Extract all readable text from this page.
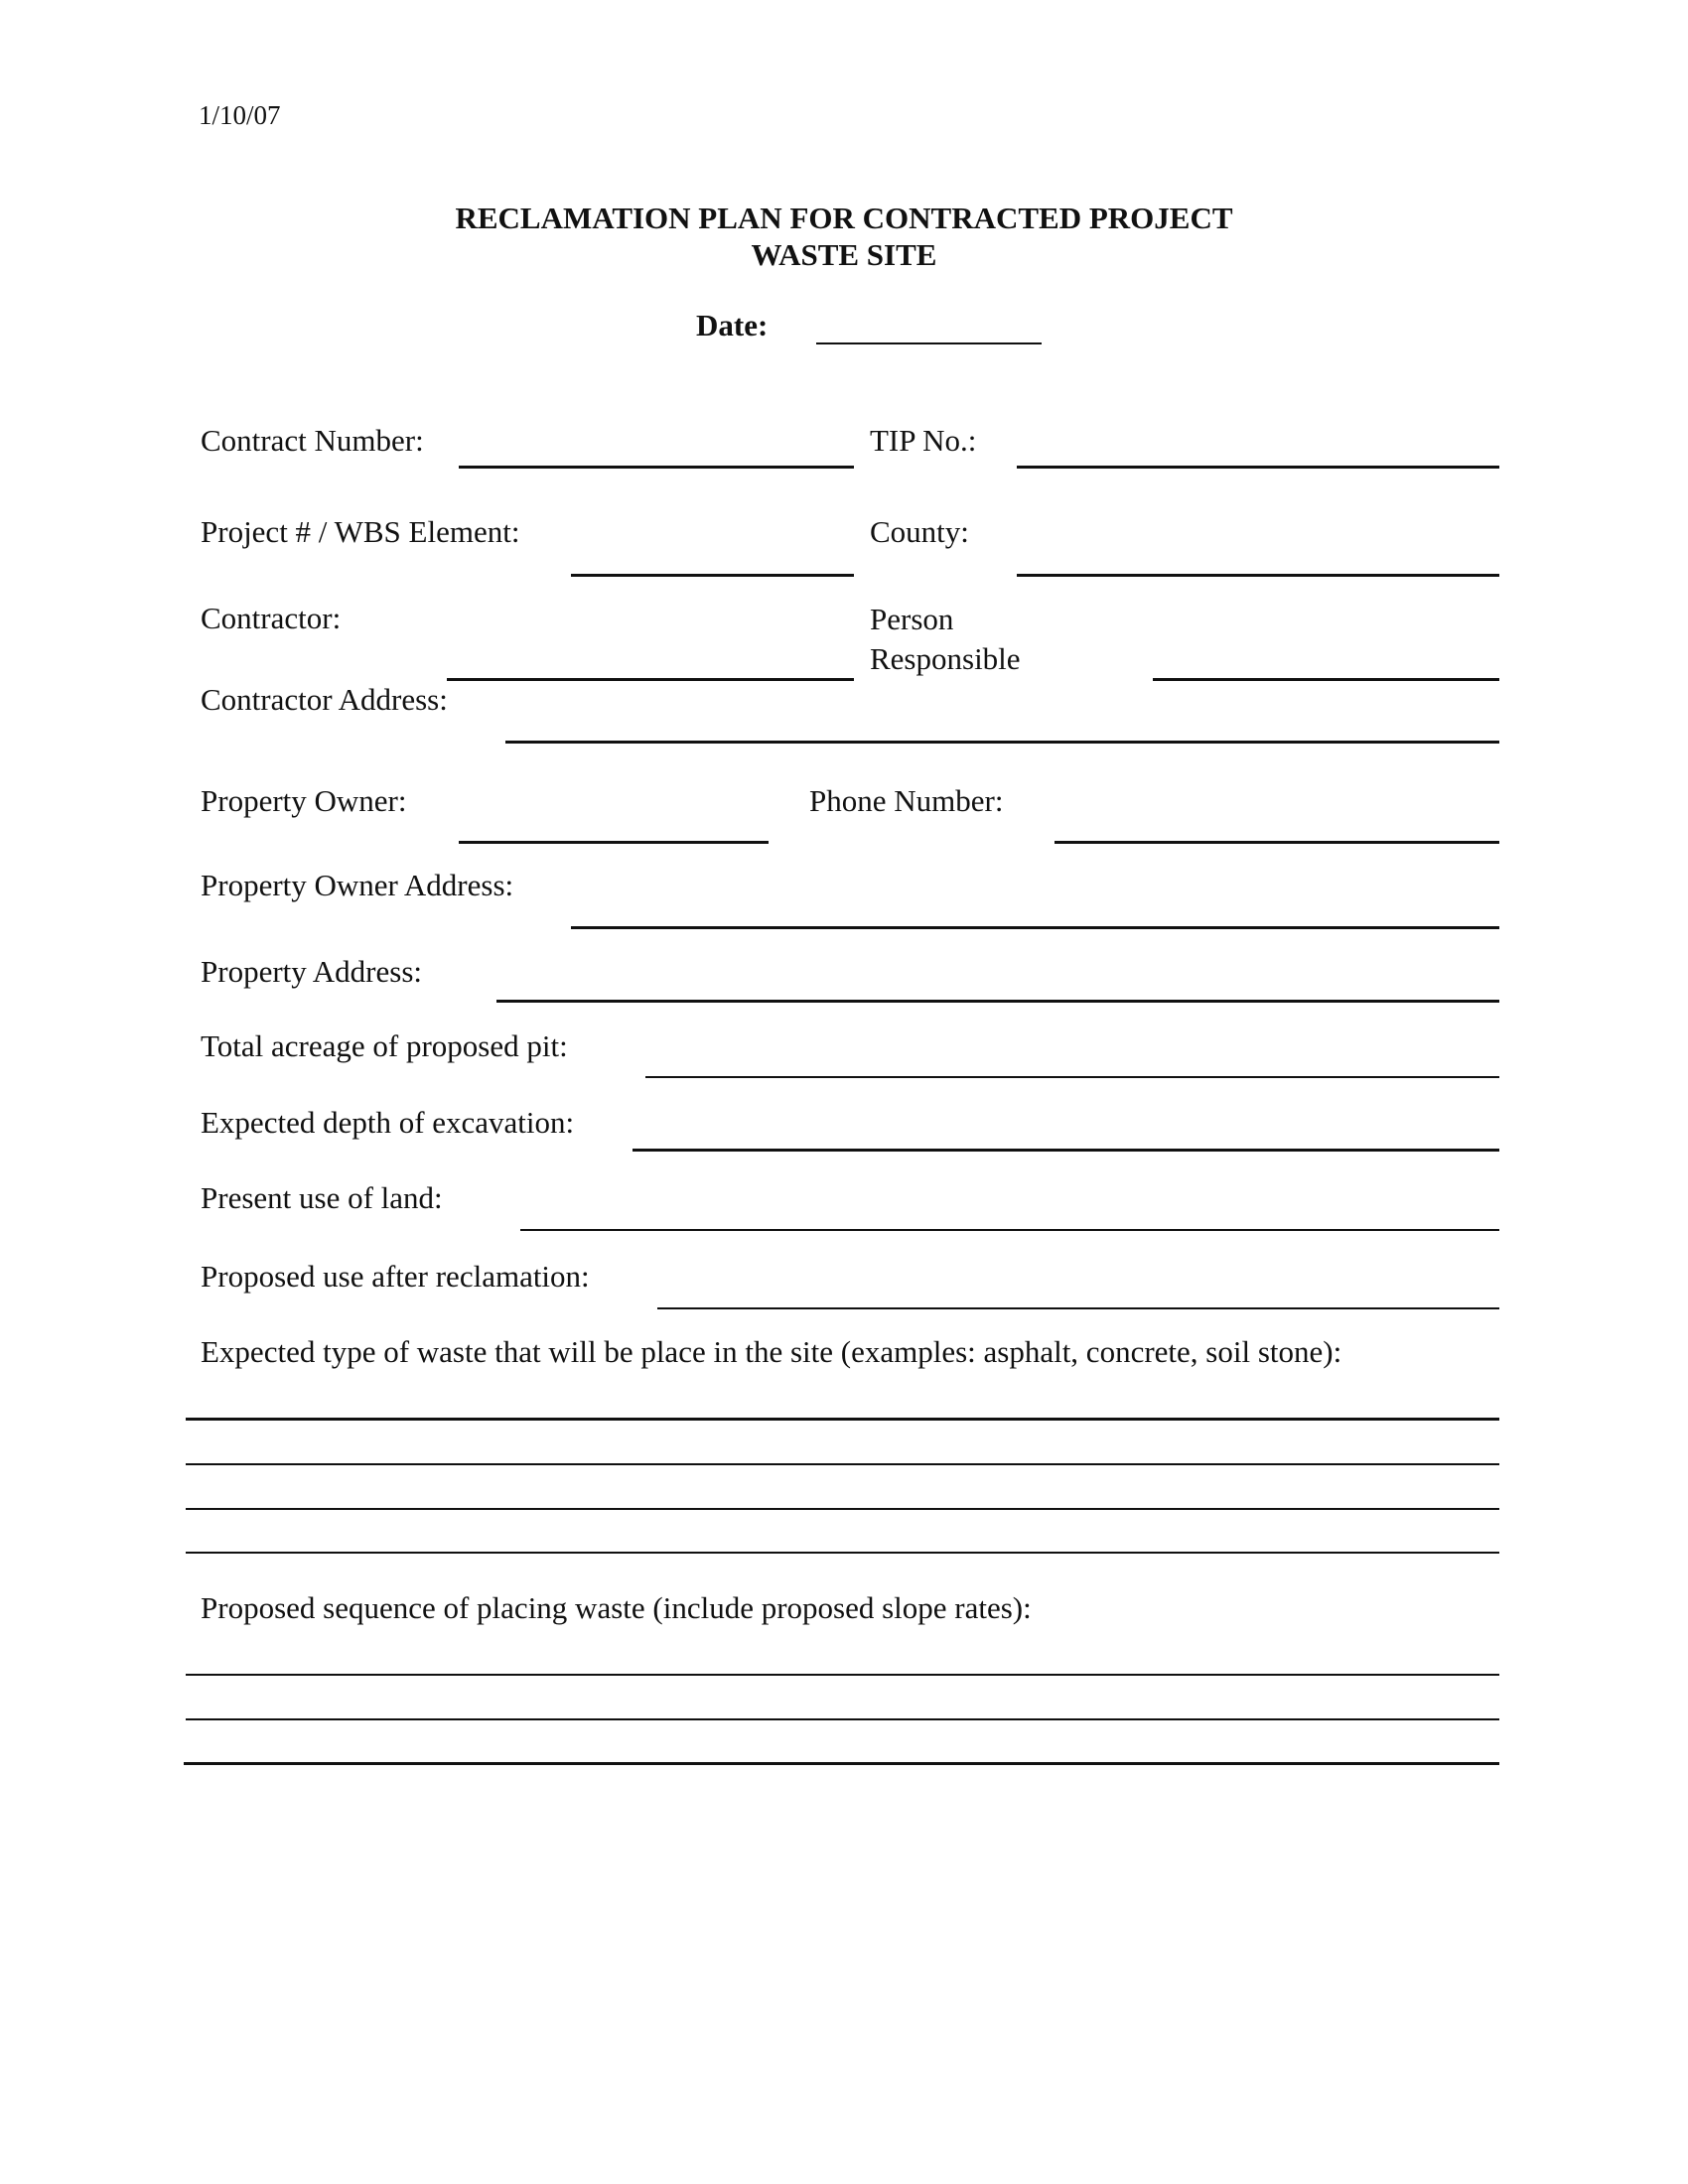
1/10/07
RECLAMATION PLAN FOR CONTRACTED PROJECT
WASTE SITE
Date:
Contract Number:	TIP No.:
Project # / WBS Element:	County:
Contractor:	Person
Responsible
Contractor Address:
Property Owner:	Phone Number:
Property Owner Address:
Property Address:
Total acreage of proposed pit:
Expected depth of excavation:
Present use of land:
Proposed use after reclamation:
Expected type of waste that will be place in the site (examples: asphalt, concrete, soil stone):
Proposed sequence of placing waste (include proposed slope rates):
